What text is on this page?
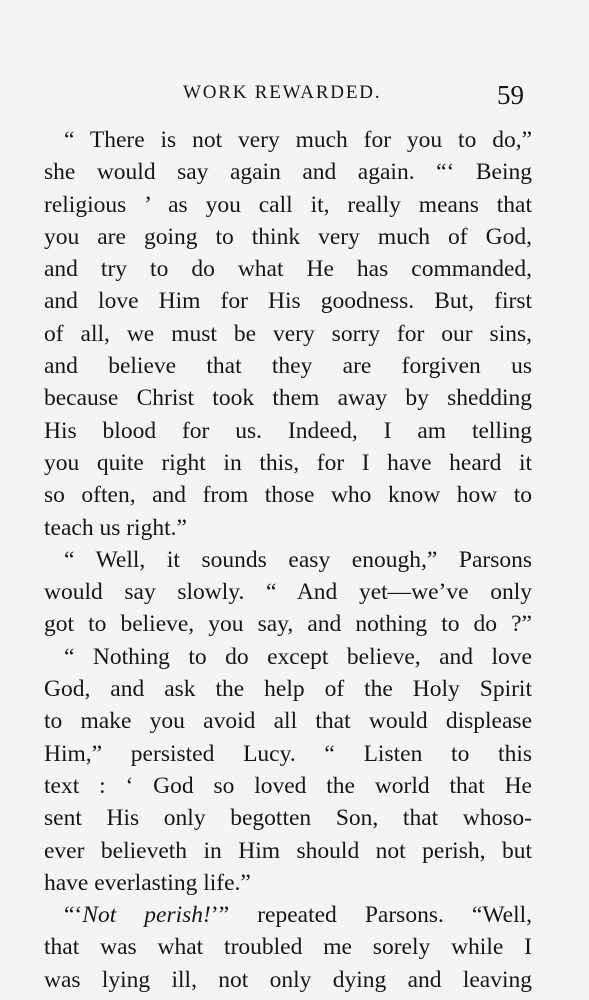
WORK REWARDED.	59
“ There is not very much for you to do,”
she would say again and again. “‘ Being
religious ’ as you call it, really means that
you are going to think very much of God,
and try to do what He has commanded,
and love Him for His goodness. But, first
of all, we must be very sorry for our sins,
and believe that they are forgiven us
because Christ took them away by shedding
His blood for us. Indeed, I am telling
you quite right in this, for I have heard it
so often, and from those who know how to
teach us right.”
“ Well, it sounds easy enough,” Parsons
would say slowly. “ And yet—we’ve only
got to believe, you say, and nothing to do ?”
“ Nothing to do except believe, and love
God, and ask the help of the Holy Spirit
to make you avoid all that would displease
Him,” persisted Lucy. “ Listen to this
text : ‘ God so loved the world that He
sent His only begotten Son, that whoso-
ever believeth in Him should not perish, but
have everlasting life.”
“‘Not perish!’” repeated Parsons. “Well,
that was what troubled me sorely while I
was lying ill, not only dying and leaving
